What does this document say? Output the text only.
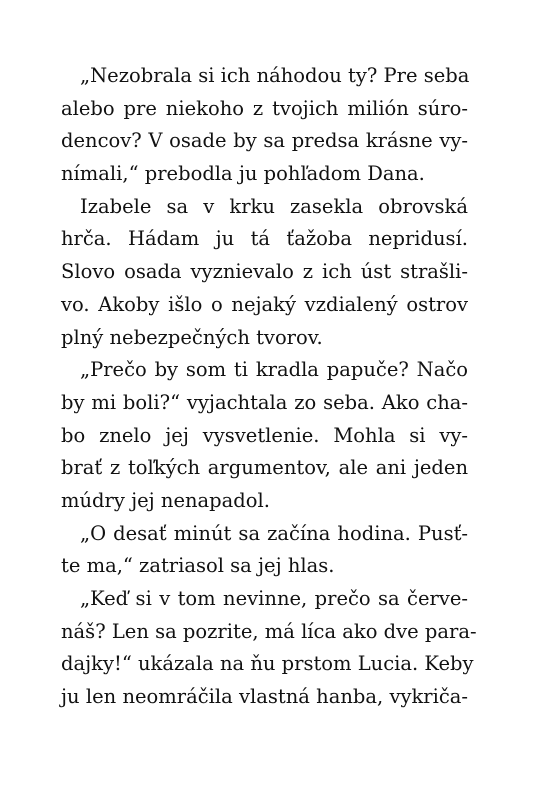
„Nezobrala si ich náhodou ty? Pre seba
alebo pre niekoho z tvojich milión súro-
dencov? V osade by sa predsa krásne vy-
nímali,“ prebodla ju pohľadom Dana.
Izabele sa v krku zasekla obrovská
hrča. Hádam ju tá ťažoba nepridusí.
Slovo osada vyznievalo z ich úst strašli-
vo. Akoby išlo o nejaký vzdialený ostrov
plný nebezpečných tvorov.
„Prečo by som ti kradla papuče? Načo
by mi boli?“ vyjachtala zo seba. Ako cha-
bo znelo jej vysvetlenie. Mohla si vy-
brať z toľkých argumentov, ale ani jeden
múdry jej nenapadol.
„O desať minút sa začína hodina. Pusť-
te ma,“ zatriasol sa jej hlas.
„Keď si v tom nevinne, prečo sa červe-
náš? Len sa pozrite, má líca ako dve para-
dajky!“ ukázala na ňu prstom Lucia. Keby
ju len neomráčila vlastná hanba, vykriča-
